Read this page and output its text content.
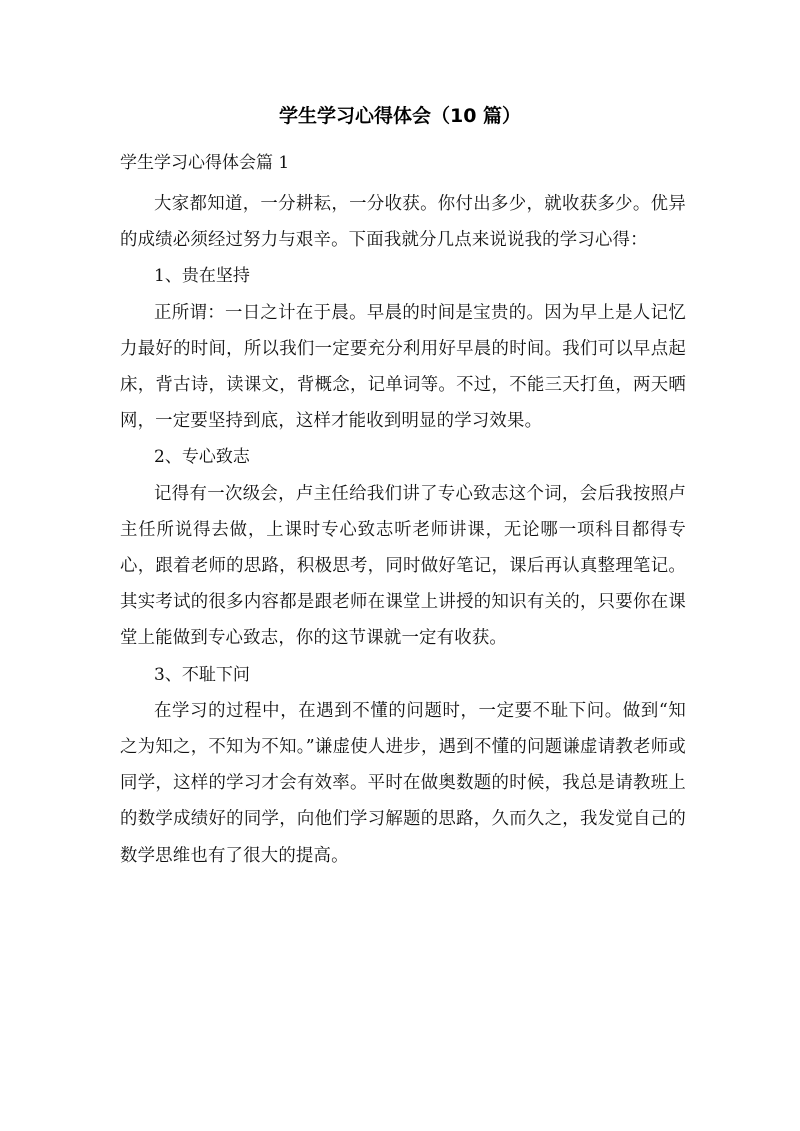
学生学习心得体会（10 篇）

学生学习心得体会篇 1

大家都知道，一分耕耘，一分收获。你付出多少，就收获多少。优异的成绩必须经过努力与艰辛。下面我就分几点来说说我的学习心得：

1、贵在坚持

正所谓：一日之计在于晨。早晨的时间是宝贵的。因为早上是人记忆力最好的时间，所以我们一定要充分利用好早晨的时间。我们可以早点起床，背古诗，读课文，背概念，记单词等。不过，不能三天打鱼，两天晒网，一定要坚持到底，这样才能收到明显的学习效果。

2、专心致志

记得有一次级会，卢主任给我们讲了专心致志这个词，会后我按照卢主任所说得去做，上课时专心致志听老师讲课，无论哪一项科目都得专心，跟着老师的思路，积极思考，同时做好笔记，课后再认真整理笔记。其实考试的很多内容都是跟老师在课堂上讲授的知识有关的，只要你在课堂上能做到专心致志，你的这节课就一定有收获。

3、不耻下问

在学习的过程中，在遇到不懂的问题时，一定要不耻下问。做到“知之为知之，不知为不知。”谦虚使人进步，遇到不懂的问题谦虚请教老师或同学，这样的学习才会有效率。平时在做奥数题的时候，我总是请教班上的数学成绩好的同学，向他们学习解题的思路，久而久之，我发觉自己的数学思维也有了很大的提高。
